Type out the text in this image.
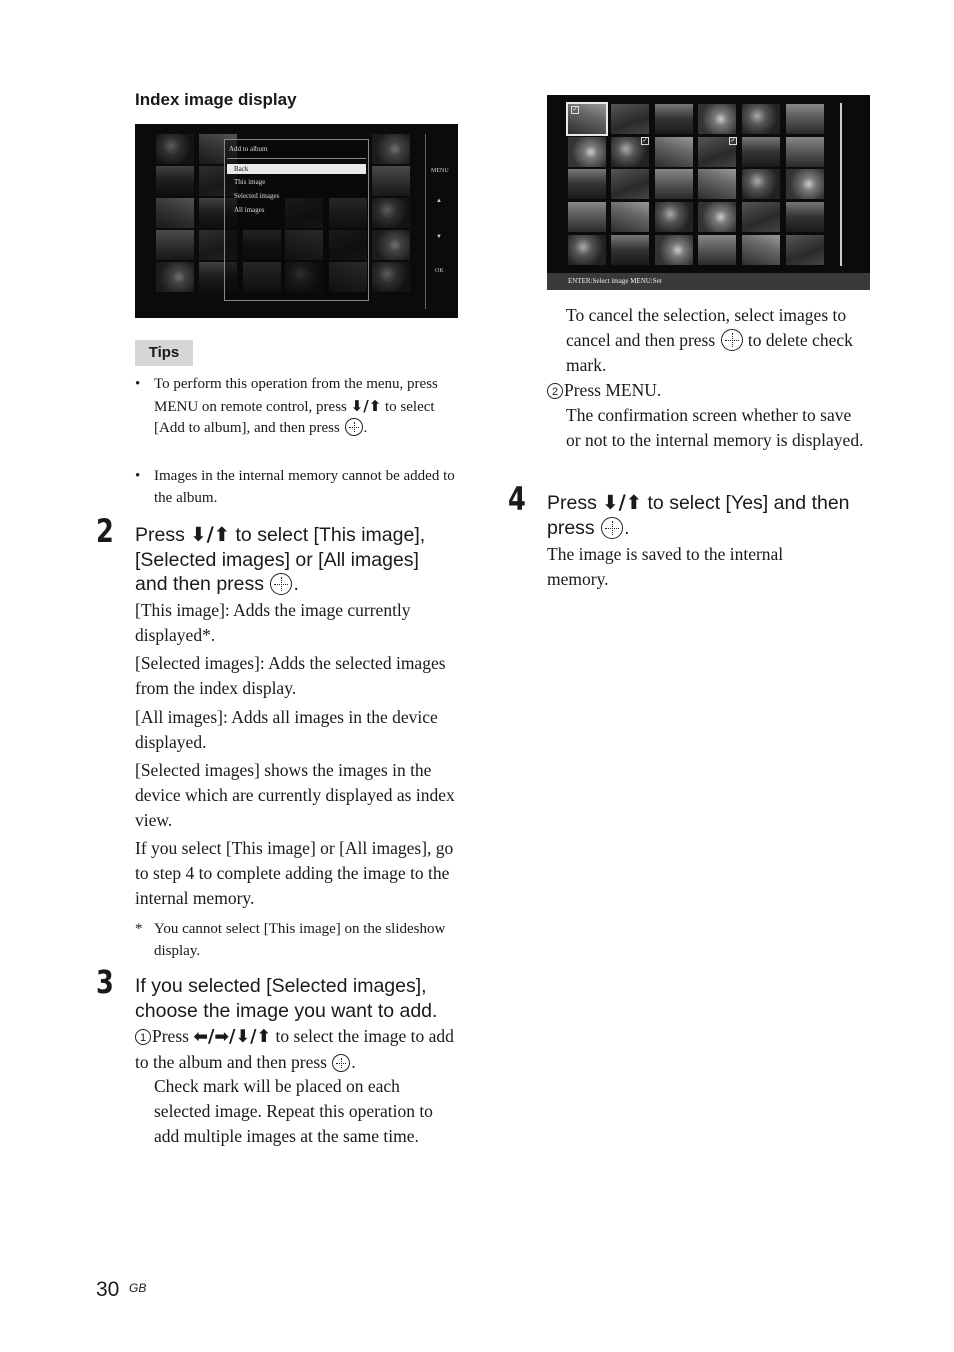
Index image display
Add to album
Back
This image
Selected images
All images
MENU
▲
▼
OK
Tips
• To perform this operation from the menu, press MENU on remote control, press ⬇/⬆ to select [Add to album], and then press .
• Images in the internal memory cannot be added to the album.
2 Press ⬇/⬆ to select [This image], [Selected images] or [All images] and then press .
[This image]: Adds the image currently displayed*.
[Selected images]: Adds the selected images from the index display.
[All images]: Adds all images in the device displayed.
[Selected images] shows the images in the device which are currently displayed as index view.
If you select [This image] or [All images], go to step 4 to complete adding the image to the internal memory.
* You cannot select [This image] on the slideshow display.
3 If you selected [Selected images], choose the image you want to add.
1 Press ⬅/➡/⬇/⬆ to select the image to add to the album and then press .
Check mark will be placed on each selected image. Repeat this operation to add multiple images at the same time.
✓
✓	✓
ENTER:Select image MENU:Set
To cancel the selection, select images to cancel and then press to delete check mark.
2 Press MENU.
The confirmation screen whether to save or not to the internal memory is displayed.
4 Press ⬇/⬆ to select [Yes] and then press .
The image is saved to the internal memory.
30 GB
